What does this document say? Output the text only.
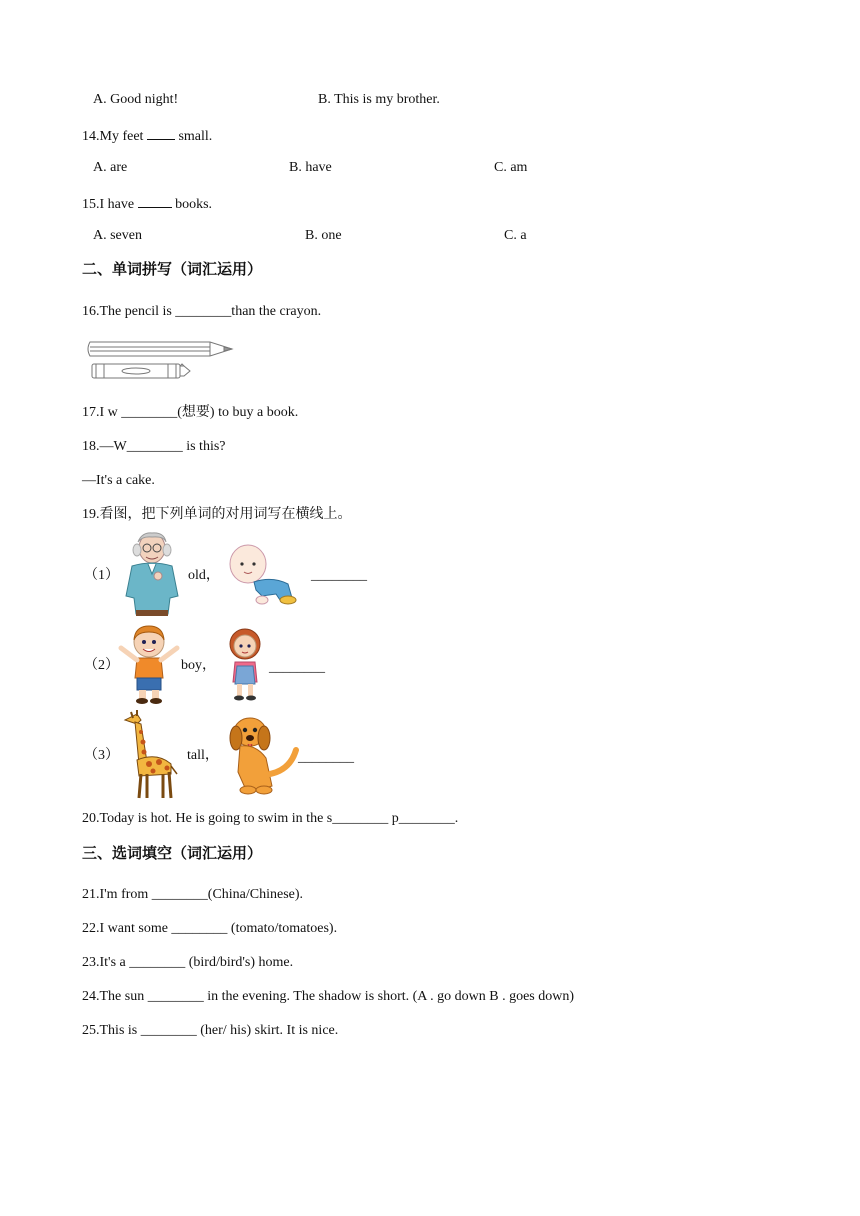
A. Good night!	B. This is my brother.
14.My feet  small.
A. are	B. have	C. am
15.I have  books.
A. seven	B. one	C. a
二、单词拼写（词汇运用）
16.The pencil is ________than the crayon.
17.I w ________(想要) to buy a book.
18.—W________ is this?
—It's a cake.
19.看图，把下列单词的对用词写在横线上。
（1）	old，	________
（2）	boy，	________
（3）	tall，	________
20.Today is hot. He is going to swim in the s________ p________.
三、选词填空（词汇运用）
21.I'm from ________(China/Chinese).
22.I want some ________ (tomato/tomatoes).
23.It's a ________ (bird/bird's) home.
24.The sun ________ in the evening. The shadow is short. (A . go down B . goes down)
25.This is ________ (her/ his) skirt. It is nice.
